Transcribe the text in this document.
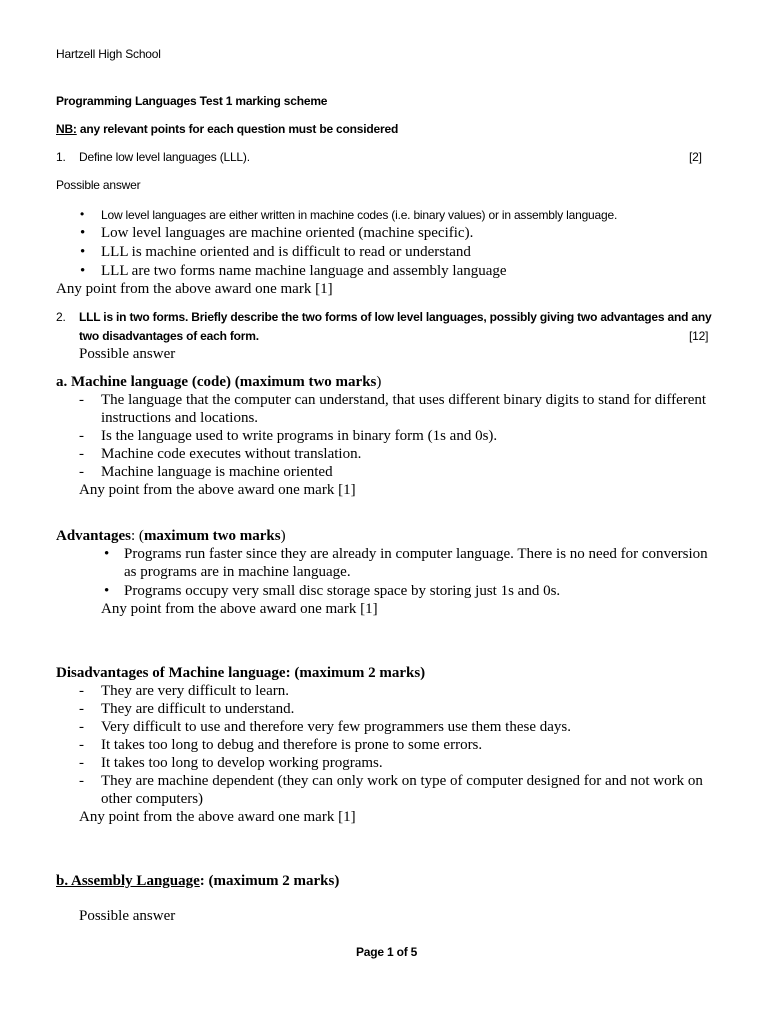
Hartzell High School
Programming Languages Test 1 marking scheme
NB: any relevant points for each question must be considered
1. Define low level languages (LLL).	[2]
Possible answer
•
Low level languages are either written in machine codes (i.e. binary values) or in assembly language.
•
Low level languages are machine oriented (machine specific).
•
LLL is machine oriented and is difficult to read or understand
•
LLL are two forms name machine language and assembly language
Any point from the above award one mark [1]
2. LLL is in two forms. Briefly describe the two forms of low level languages, possibly giving two advantages and any
two disadvantages of each form.	[12]
Possible answer
a. Machine language (code) (maximum two marks)
-
The language that the computer can understand, that uses different binary digits to stand for different
instructions and locations.
-
Is the language used to write programs in binary form (1s and 0s).
-
Machine code executes without translation.
-
Machine language is machine oriented
Any point from the above award one mark [1]
Advantages: (maximum two marks)
•
Programs run faster since they are already in computer language. There is no need for conversion
as programs are in machine language.
•
Programs occupy very small disc storage space by storing just 1s and 0s.
Any point from the above award one mark [1]
Disadvantages of Machine language: (maximum 2 marks)
-
They are very difficult to learn.
-
They are difficult to understand.
-
Very difficult to use and therefore very few programmers use them these days.
-
It takes too long to debug and therefore is prone to some errors.
-
It takes too long to develop working programs.
-
They are machine dependent (they can only work on type of computer designed for and not work on
other computers)
Any point from the above award one mark [1]
b. Assembly Language: (maximum 2 marks)
Possible answer
Page 1 of 5
